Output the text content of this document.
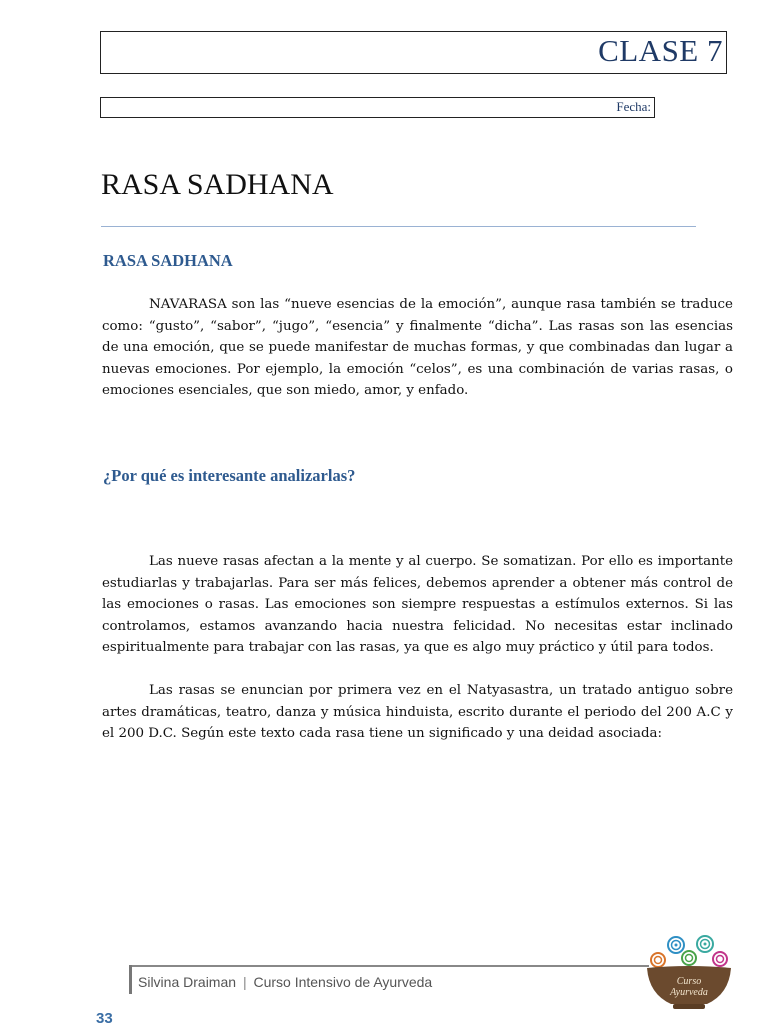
CLASE 7
Fecha:
RASA SADHANA
RASA SADHANA

NAVARASA son las “nueve esencias de la emoción”, aunque rasa también se traduce como: “gusto”, “sabor”, “jugo”, “esencia” y finalmente “dicha”. Las rasas son las esencias de una emoción, que se puede manifestar de muchas formas, y que combinadas dan lugar a nuevas emociones. Por ejemplo, la emoción “celos”, es una combinación de varias rasas, o emociones esenciales, que son miedo, amor, y enfado.

¿Por qué es interesante analizarlas?

Las nueve rasas afectan a la mente y al cuerpo. Se somatizan. Por ello es importante estudiarlas y trabajarlas. Para ser más felices, debemos aprender a obtener más control de las emociones o rasas. Las emociones son siempre respuestas a estímulos externos. Si las controlamos, estamos avanzando hacia nuestra felicidad. No necesitas estar inclinado espiritualmente para trabajar con las rasas, ya que es algo muy práctico y útil para todos.

Las rasas se enuncian por primera vez en el Natyasastra, un tratado antiguo sobre artes dramáticas, teatro, danza y música hinduista, escrito durante el periodo del 200 A.C y el 200 D.C. Según este texto cada rasa tiene un significado y una deidad asociada:

Silvina Draiman | Curso Intensivo de Ayurveda
33
Curso
Ayurveda
